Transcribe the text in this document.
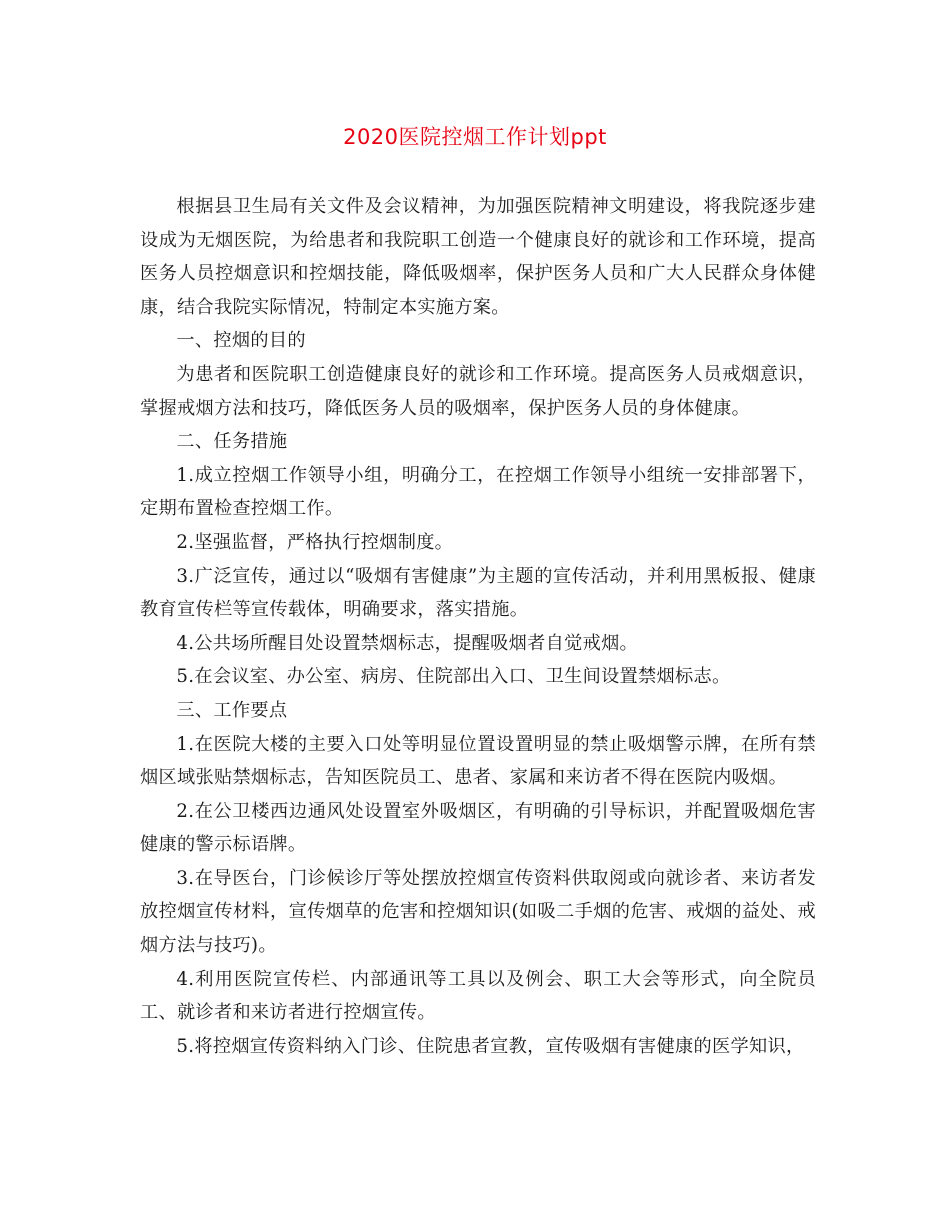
2020医院控烟工作计划ppt

根据县卫生局有关文件及会议精神，为加强医院精神文明建设，将我院逐步建设成为无烟医院，为给患者和我院职工创造一个健康良好的就诊和工作环境，提高医务人员控烟意识和控烟技能，降低吸烟率，保护医务人员和广大人民群众身体健康，结合我院实际情况，特制定本实施方案。

一、控烟的目的

为患者和医院职工创造健康良好的就诊和工作环境。提高医务人员戒烟意识，掌握戒烟方法和技巧，降低医务人员的吸烟率，保护医务人员的身体健康。

二、任务措施

1.成立控烟工作领导小组，明确分工，在控烟工作领导小组统一安排部署下，定期布置检查控烟工作。

2.坚强监督，严格执行控烟制度。

3.广泛宣传，通过以“吸烟有害健康”为主题的宣传活动，并利用黑板报、健康教育宣传栏等宣传载体，明确要求，落实措施。

4.公共场所醒目处设置禁烟标志，提醒吸烟者自觉戒烟。

5.在会议室、办公室、病房、住院部出入口、卫生间设置禁烟标志。

三、工作要点

1.在医院大楼的主要入口处等明显位置设置明显的禁止吸烟警示牌，在所有禁烟区域张贴禁烟标志，告知医院员工、患者、家属和来访者不得在医院内吸烟。

2.在公卫楼西边通风处设置室外吸烟区，有明确的引导标识，并配置吸烟危害健康的警示标语牌。

3.在导医台，门诊候诊厅等处摆放控烟宣传资料供取阅或向就诊者、来访者发放控烟宣传材料，宣传烟草的危害和控烟知识(如吸二手烟的危害、戒烟的益处、戒烟方法与技巧)。

4.利用医院宣传栏、内部通讯等工具以及例会、职工大会等形式，向全院员工、就诊者和来访者进行控烟宣传。

5.将控烟宣传资料纳入门诊、住院患者宣教，宣传吸烟有害健康的医学知识，
